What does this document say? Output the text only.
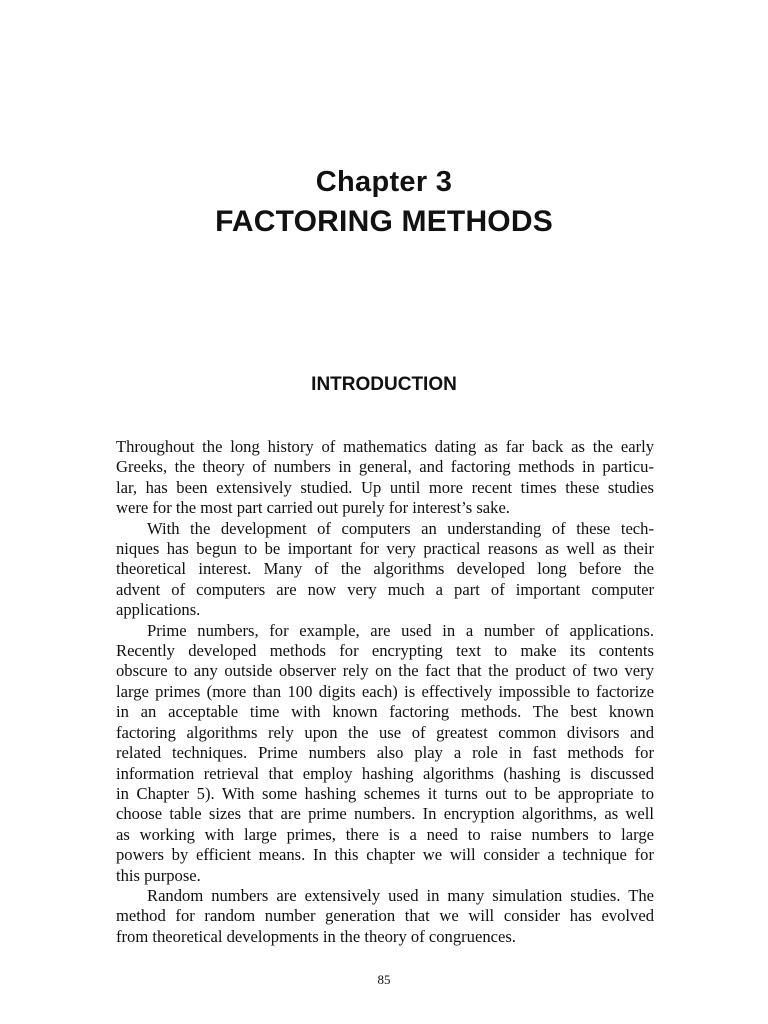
Chapter 3
FACTORING METHODS
INTRODUCTION
Throughout the long history of mathematics dating as far back as the early
Greeks, the theory of numbers in general, and factoring methods in particu-
lar, has been extensively studied. Up until more recent times these studies
were for the most part carried out purely for interest’s sake.
With the development of computers an understanding of these tech-
niques has begun to be important for very practical reasons as well as their
theoretical interest. Many of the algorithms developed long before the
advent of computers are now very much a part of important computer
applications.
Prime numbers, for example, are used in a number of applications.
Recently developed methods for encrypting text to make its contents
obscure to any outside observer rely on the fact that the product of two very
large primes (more than 100 digits each) is effectively impossible to factorize
in an acceptable time with known factoring methods. The best known
factoring algorithms rely upon the use of greatest common divisors and
related techniques. Prime numbers also play a role in fast methods for
information retrieval that employ hashing algorithms (hashing is discussed
in Chapter 5). With some hashing schemes it turns out to be appropriate to
choose table sizes that are prime numbers. In encryption algorithms, as well
as working with large primes, there is a need to raise numbers to large
powers by efficient means. In this chapter we will consider a technique for
this purpose.
Random numbers are extensively used in many simulation studies. The
method for random number generation that we will consider has evolved
from theoretical developments in the theory of congruences.
85
